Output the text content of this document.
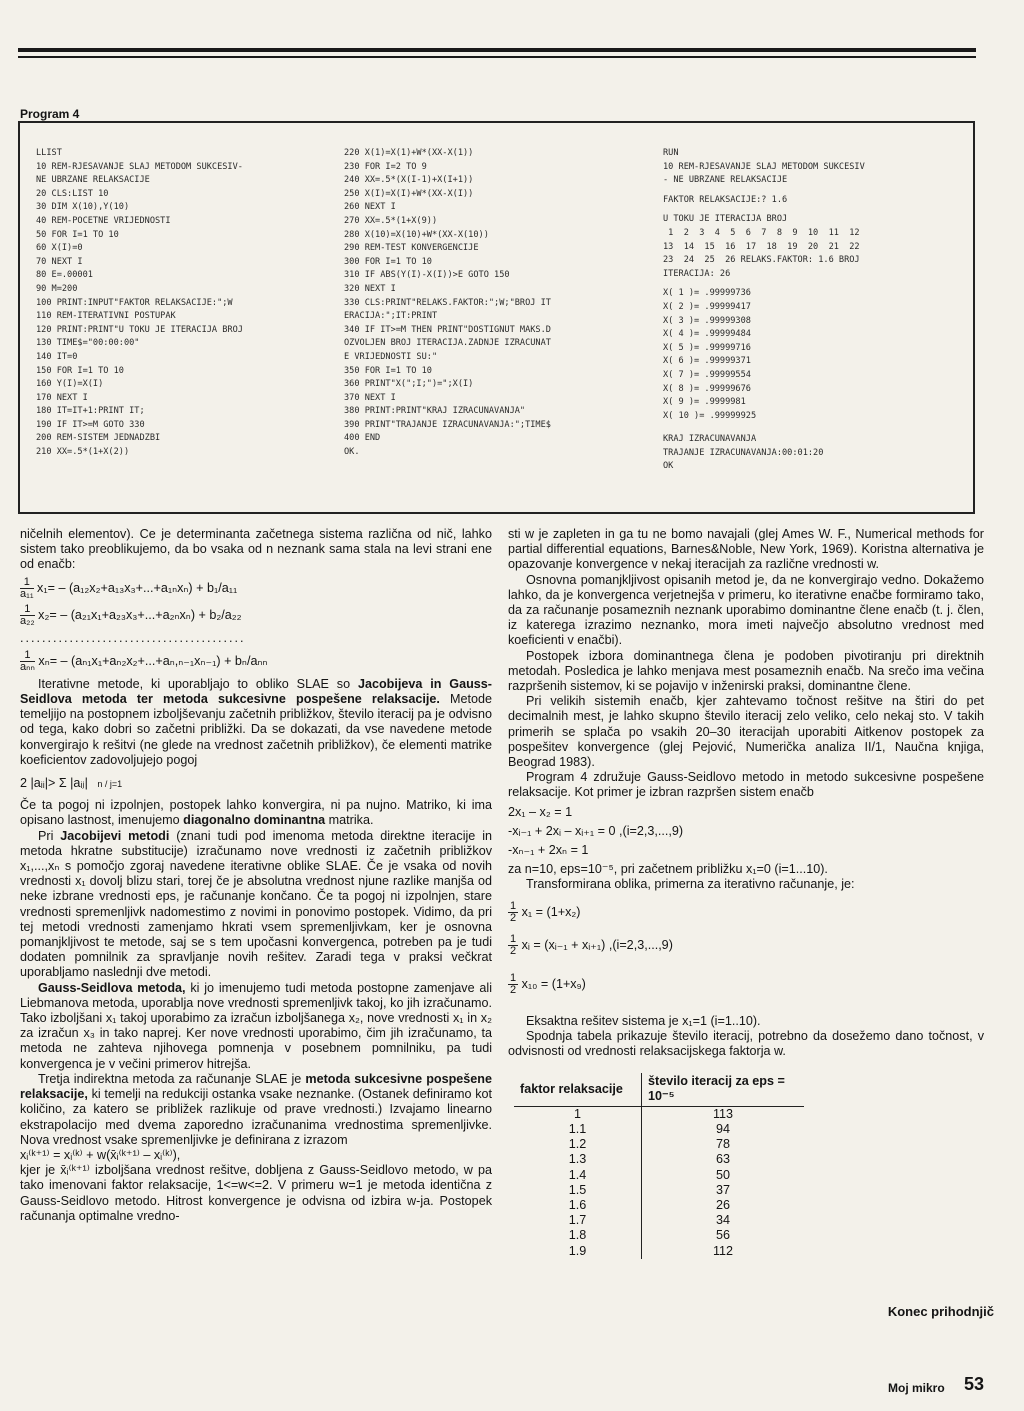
Program 4
LLIST
10 REM-RJESAVANJE SLAJ METODOM SUKCESIV-
NE UBRZANE RELAKSACIJE
20 CLS:LIST 10
30 DIM X(10),Y(10)
40 REM-POCETNE VRIJEDNOSTI
50 FOR I=1 TO 10
60 X(I)=0
70 NEXT I
80 E=.00001
90 M=200
100 PRINT:INPUT"FAKTOR RELAKSACIJE:";W
110 REM-ITERATIVNI POSTUPAK
120 PRINT:PRINT"U TOKU JE ITERACIJA BROJ
130 TIME$="00:00:00"
140 IT=0
150 FOR I=1 TO 10
160 Y(I)=X(I)
170 NEXT I
180 IT=IT+1:PRINT IT;
190 IF IT>=M GOTO 330
200 REM-SISTEM JEDNADZBI
210 XX=.5*(1+X(2))
220 X(1)=X(1)+W*(XX-X(1))
230 FOR I=2 TO 9
240 XX=.5*(X(I-1)+X(I+1))
250 X(I)=X(I)+W*(XX-X(I))
260 NEXT I
270 XX=.5*(1+X(9))
280 X(10)=X(10)+W*(XX-X(10))
290 REM-TEST KONVERGENCIJE
300 FOR I=1 TO 10
310 IF ABS(Y(I)-X(I))>E GOTO 150
320 NEXT I
330 CLS:PRINT"RELAKS.FAKTOR:";W;"BROJ IT
ERACIJA:";IT:PRINT
340 IF IT>=M THEN PRINT"DOSTIGNUT MAKS.D
OZVOLJEN BROJ ITERACIJA.ZADNJE IZRACUNAT
E VRIJEDNOSTI SU:"
350 FOR I=1 TO 10
360 PRINT"X(";I;")=";X(I)
370 NEXT I
380 PRINT:PRINT"KRAJ IZRACUNAVANJA"
390 PRINT"TRAJANJE IZRACUNAVANJA:";TIME$
400 END
OK.
RUN
10 REM-RJESAVANJE SLAJ METODOM SUKCESIV
- NE UBRZANE RELAKSACIJE
FAKTOR RELAKSACIJE:? 1.6
U TOKU JE ITERACIJA BROJ
1  2  3  4  5  6  7  8  9  10  11  12
13  14  15  16  17  18  19  20  21  22
23  24  25  26 RELAKS.FAKTOR: 1.6 BROJ
ITERACIJA: 26
X( 1 )= .99999736
X( 2 )= .99999417
X( 3 )= .99999308
X( 4 )= .99999484
X( 5 )= .99999716
X( 6 )= .99999371
X( 7 )= .99999554
X( 8 )= .99999676
X( 9 )= .9999981
X( 10 )= .99999925
KRAJ IZRACUNAVANJA
TRAJANJE IZRACUNAVANJA:00:01:20
OK

ničelnih elementov). Ce je determinanta začetnega sistema različna od nič, lahko sistem tako preoblikujemo, da bo vsaka od n neznank sama stala na levi strani ene od enačb:

$\frac{1}{\text{a₁₁}} x_1= - (a_{12}x_2+a_{13}x_3+...+a_{1n}x_n) + b_1/a_{11}$
$\frac{1}{\text{a₂₂}} x_2= - (a_{21}x_1+a_{23}x_3+...+a_{2n}x_n) + b_2/a_{22}$
.........................................
$\frac{1}{\text{aₙₙ}} x_n= - (a_{n1}x_1+a_{n2}x_2+...+a_n,_{n-1}x_{n-1}) + b_n/a_{nn}$

Iterativne metode, ki uporabljajo to obliko SLAE so Jacobijeva in Gauss-Seidlova metoda ter metoda sukcesivne pospešene relaksacije. Metode temeljijo na postopnem izboljševanju začetnih približkov, število iteracij pa je odvisno od tega, kako dobri so začetni približki. Da se dokazati, da vse navedene metode konvergirajo k rešitvi (ne glede na vrednost začetnih približkov), če elementi matrike koeficientov zadovoljujejo pogoj

2 |aᵢᵢ|> Σ |aᵢⱼ| n / j=1

Če ta pogoj ni izpolnjen, postopek lahko konvergira, ni pa nujno. Matriko, ki ima opisano lastnost, imenujemo diagonalno dominantna matrika.

Pri Jacobijevi metodi (znani tudi pod imenoma metoda direktne iteracije in metoda hkratne substitucije) izračunamo nove vrednosti iz začetnih približkov x₁,...,xₙ s pomočjo zgoraj navedene iterativne oblike SLAE. Če je vsaka od novih vrednosti x₁ dovolj blizu stari, torej če je absolutna vrednost njune razlike manjša od neke izbrane vrednosti eps, je računanje končano. Če ta pogoj ni izpolnjen, stare vrednosti spremenljivk nadomestimo z novimi in ponovimo postopek. Vidimo, da pri tej metodi vrednosti zamenjamo hkrati vsem spremenljivkam, ker je osnovna pomanjkljivost te metode, saj se s tem upočasni konvergenca, potreben pa je tudi dodaten pomnilnik za spravljanje novih rešitev. Zaradi tega v praksi večkrat uporabljamo naslednji dve metodi.

Gauss-Seidlova metoda, ki jo imenujemo tudi metoda postopne zamenjave ali Liebmanova metoda, uporablja nove vrednosti spremenljivk takoj, ko jih izračunamo. Tako izboljšani x₁ takoj uporabimo za izračun izboljšanega x₂, nove vrednosti x₁ in x₂ za izračun x₃ in tako naprej. Ker nove vrednosti uporabimo, čim jih izračunamo, ta metoda ne zahteva njihovega pomnenja v posebnem pomnilniku, pa tudi konvergenca je v večini primerov hitrejša.

Tretja indirektna metoda za računanje SLAE je metoda sukcesivne pospešene relaksacije, ki temelji na redukciji ostanka vsake neznanke. (Ostanek definiramo kot količino, za katero se približek razlikuje od prave vrednosti.) Izvajamo linearno ekstrapolacijo med dvema zaporedno izračunanima vrednostima spremenljivke. Nova vrednost vsake spremenljivke je definirana z izrazom

xᵢ⁽ᵏ⁺¹⁾ = xᵢ⁽ᵏ⁾ + w(x̄ᵢ⁽ᵏ⁺¹⁾ – xᵢ⁽ᵏ⁾),

kjer je x̄ᵢ⁽ᵏ⁺¹⁾ izboljšana vrednost rešitve, dobljena z Gauss-Seidlovo metodo, w pa tako imenovani faktor relaksacije, 1<=w<=2. V primeru w=1 je metoda identična z Gauss-Seidlovo metodo. Hitrost konvergence je odvisna od izbira w-ja. Postopek računanja optimalne vredno-

sti w je zapleten in ga tu ne bomo navajali (glej Ames W. F., Numerical methods for partial differential equations, Barnes&Noble, New York, 1969). Koristna alternativa je opazovanje konvergence v nekaj iteracijah za različne vrednosti w.

Osnovna pomanjkljivost opisanih metod je, da ne konvergirajo vedno. Dokažemo lahko, da je konvergenca verjetnejša v primeru, ko iterativne enačbe formiramo tako, da za računanje posameznih neznank uporabimo dominantne člene enačb (t. j. člen, iz katerega izrazimo neznanko, mora imeti največjo absolutno vrednost med koeficienti v enačbi).

Postopek izbora dominantnega člena je podoben pivotiranju pri direktnih metodah. Posledica je lahko menjava mest posameznih enačb. Na srečo ima večina razpršenih sistemov, ki se pojavijo v inženirski praksi, dominantne člene.

Pri velikih sistemih enačb, kjer zahtevamo točnost rešitve na štiri do pet decimalnih mest, je lahko skupno število iteracij zelo veliko, celo nekaj sto. V takih primerih se splača po vsakih 20–30 iteracijah uporabiti Aitkenov postopek za pospešitev konvergence (glej Pejović, Numerička analiza II/1, Naučna knjiga, Beograd 1983).

Program 4 združuje Gauss-Seidlovo metodo in metodo sukcesivne pospešene relaksacije. Kot primer je izbran razpršen sistem enačb

2x₁ – x₂ = 1
-xᵢ₋₁ + 2xᵢ – xᵢ₊₁ = 0 ,(i=2,3,...,9)
-xₙ₋₁ + 2xₙ = 1

za n=10, eps=10⁻⁵, pri začetnem približku x₁=0 (i=1...10).

Transformirana oblika, primerna za iterativno računanje, je:

$\frac{1}{2} x_1 = (1+x_2)$
$\frac{1}{2}$ xᵢ = (xᵢ₋₁ + xᵢ₊₁) ,(i=2,3,...,9)
$\frac{1}{2} x_{10} = (1+x_9)$

Eksaktna rešitev sistema je x₁=1 (i=1..10).

Spodnja tabela prikazuje število iteracij, potrebno da dosežemo dano točnost, v odvisnosti od vrednosti relaksacijskega faktorja w.

faktor relaksacije	število iteracij za eps = 10⁻⁵
1	113
1.1	94
1.2	78
1.3	63
1.4	50
1.5	37
1.6	26
1.7	34
1.8	56
1.9	112
Konec prihodnjič
Moj mikro 53
